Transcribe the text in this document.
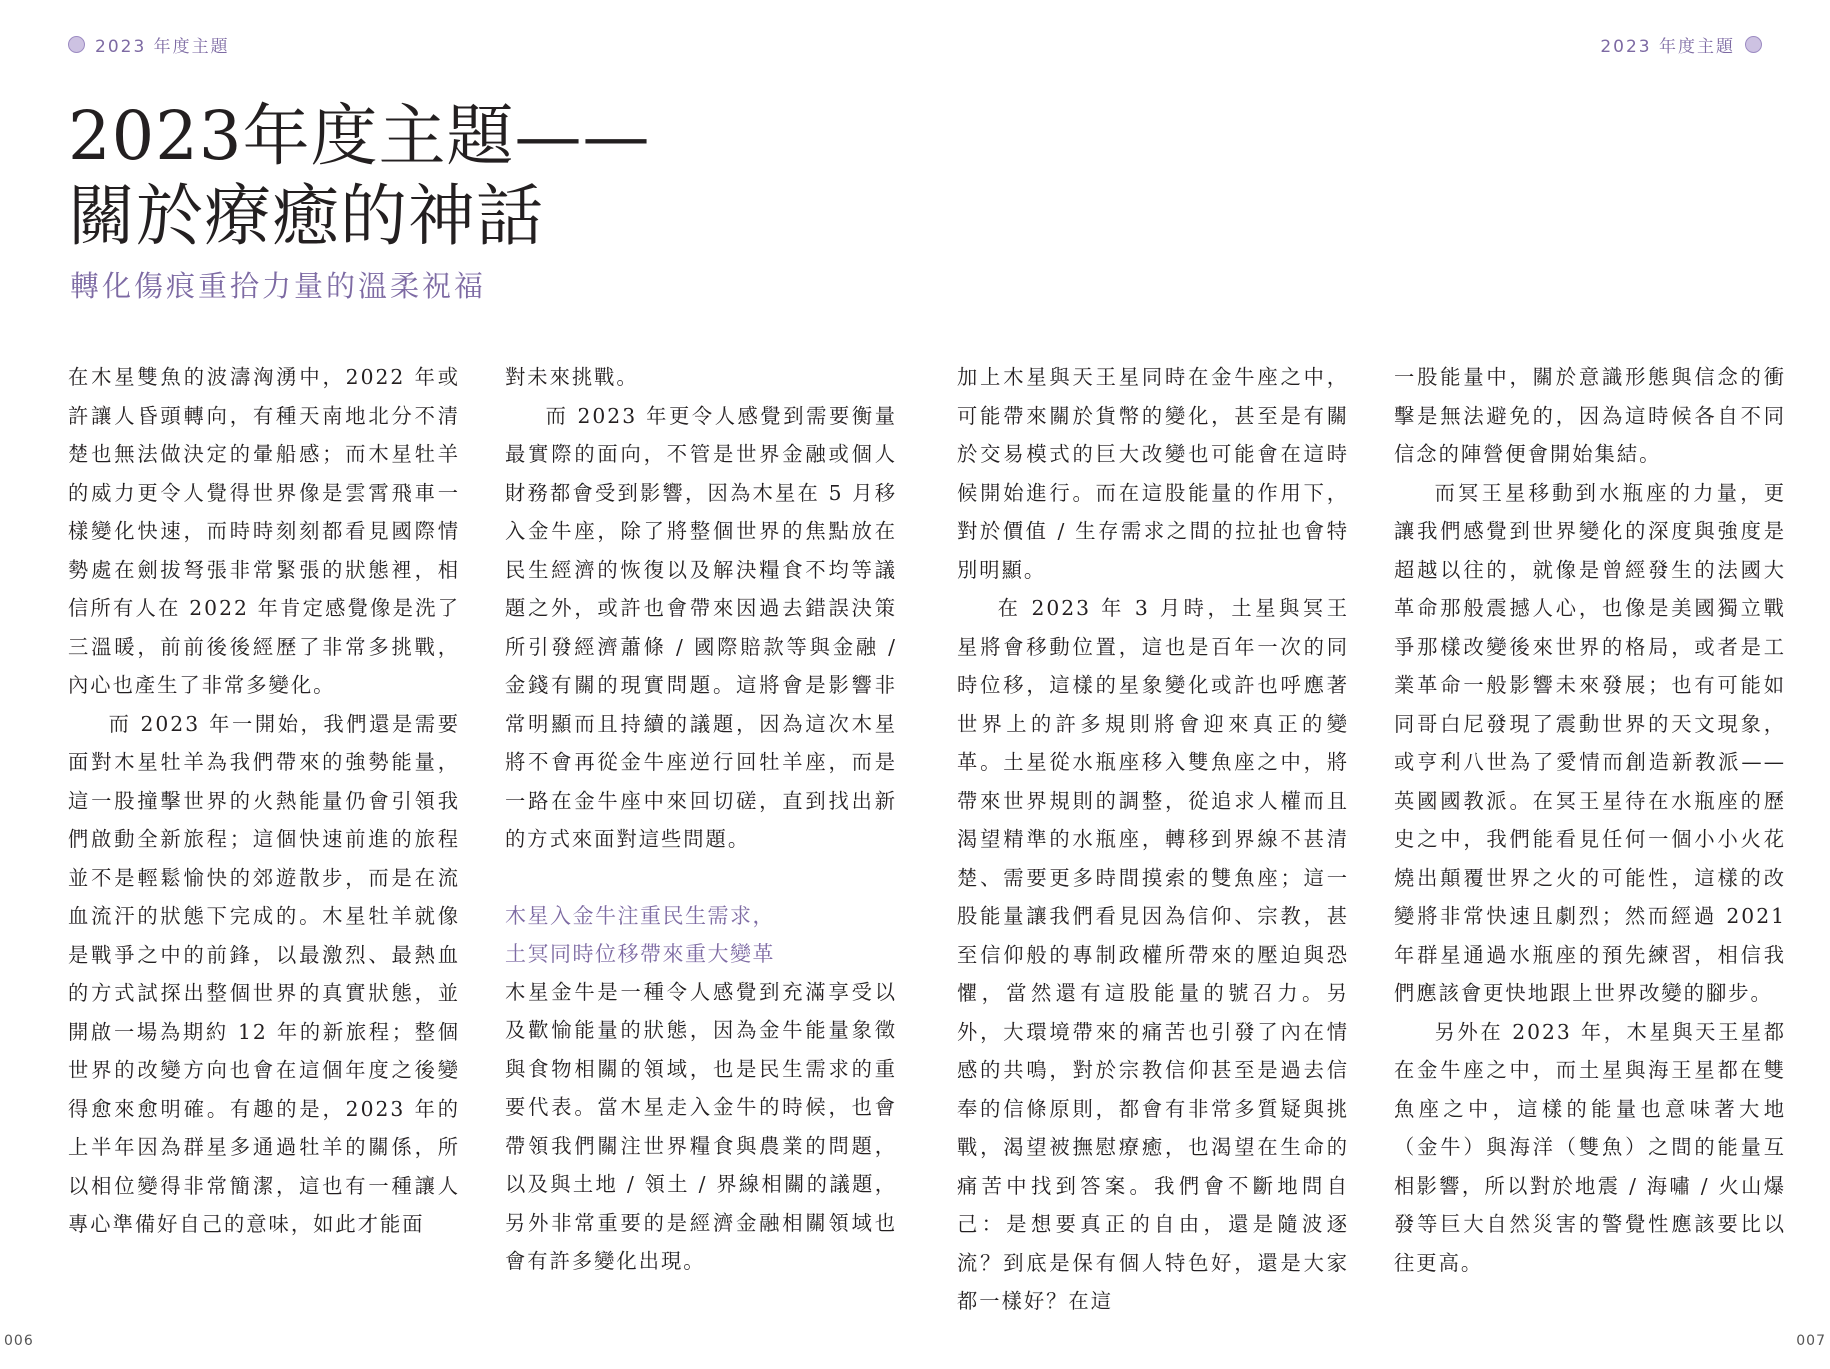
2023 年度主題	2023 年度主題
2023年度主題——
關於療癒的神話
轉化傷痕重拾力量的溫柔祝福

在木星雙魚的波濤洶湧中，2022 年或許讓人昏頭轉向，有種天南地北分不清楚也無法做決定的暈船感；而木星牡羊的威力更令人覺得世界像是雲霄飛車一樣變化快速，而時時刻刻都看見國際情勢處在劍拔弩張非常緊張的狀態裡，相信所有人在 2022 年肯定感覺像是洗了三溫暖，前前後後經歷了非常多挑戰，內心也產生了非常多變化。

而 2023 年一開始，我們還是需要面對木星牡羊為我們帶來的強勢能量，這一股撞擊世界的火熱能量仍會引領我們啟動全新旅程；這個快速前進的旅程並不是輕鬆愉快的郊遊散步，而是在流血流汗的狀態下完成的。木星牡羊就像是戰爭之中的前鋒，以最激烈、最熱血的方式試探出整個世界的真實狀態，並開啟一場為期約 12 年的新旅程；整個世界的改變方向也會在這個年度之後變得愈來愈明確。有趣的是，2023 年的上半年因為群星多通過牡羊的關係，所以相位變得非常簡潔，這也有一種讓人專心準備好自己的意味，如此才能面

對未來挑戰。

而 2023 年更令人感覺到需要衡量最實際的面向，不管是世界金融或個人財務都會受到影響，因為木星在 5 月移入金牛座，除了將整個世界的焦點放在民生經濟的恢復以及解決糧食不均等議題之外，或許也會帶來因過去錯誤決策所引發經濟蕭條 / 國際賠款等與金融 / 金錢有關的現實問題。這將會是影響非常明顯而且持續的議題，因為這次木星將不會再從金牛座逆行回牡羊座，而是一路在金牛座中來回切磋，直到找出新的方式來面對這些問題。

木星入金牛注重民生需求，
土冥同時位移帶來重大變革

木星金牛是一種令人感覺到充滿享受以及歡愉能量的狀態，因為金牛能量象徵與食物相關的領域，也是民生需求的重要代表。當木星走入金牛的時候，也會帶領我們關注世界糧食與農業的問題，以及與土地 / 領土 / 界線相關的議題，另外非常重要的是經濟金融相關領域也會有許多變化出現。

加上木星與天王星同時在金牛座之中，可能帶來關於貨幣的變化，甚至是有關於交易模式的巨大改變也可能會在這時候開始進行。而在這股能量的作用下，對於價值 / 生存需求之間的拉扯也會特別明顯。

在 2023 年 3 月時，土星與冥王星將會移動位置，這也是百年一次的同時位移，這樣的星象變化或許也呼應著世界上的許多規則將會迎來真正的變革。土星從水瓶座移入雙魚座之中，將帶來世界規則的調整，從追求人權而且渴望精準的水瓶座，轉移到界線不甚清楚、需要更多時間摸索的雙魚座；這一股能量讓我們看見因為信仰、宗教，甚至信仰般的專制政權所帶來的壓迫與恐懼，當然還有這股能量的號召力。另外，大環境帶來的痛苦也引發了內在情感的共鳴，對於宗教信仰甚至是過去信奉的信條原則，都會有非常多質疑與挑戰，渴望被撫慰療癒，也渴望在生命的痛苦中找到答案。我們會不斷地問自己：是想要真正的自由，還是隨波逐流？到底是保有個人特色好，還是大家都一樣好？在這

一股能量中，關於意識形態與信念的衝擊是無法避免的，因為這時候各自不同信念的陣營便會開始集結。

而冥王星移動到水瓶座的力量，更讓我們感覺到世界變化的深度與強度是超越以往的，就像是曾經發生的法國大革命那般震撼人心，也像是美國獨立戰爭那樣改變後來世界的格局，或者是工業革命一般影響未來發展；也有可能如同哥白尼發現了震動世界的天文現象，或亨利八世為了愛情而創造新教派——英國國教派。在冥王星待在水瓶座的歷史之中，我們能看見任何一個小小火花燒出顛覆世界之火的可能性，這樣的改變將非常快速且劇烈；然而經過 2021 年群星通過水瓶座的預先練習，相信我們應該會更快地跟上世界改變的腳步。

另外在 2023 年，木星與天王星都在金牛座之中，而土星與海王星都在雙魚座之中，這樣的能量也意味著大地（金牛）與海洋（雙魚）之間的能量互相影響，所以對於地震 / 海嘯 / 火山爆發等巨大自然災害的警覺性應該要比以往更高。

006	007
